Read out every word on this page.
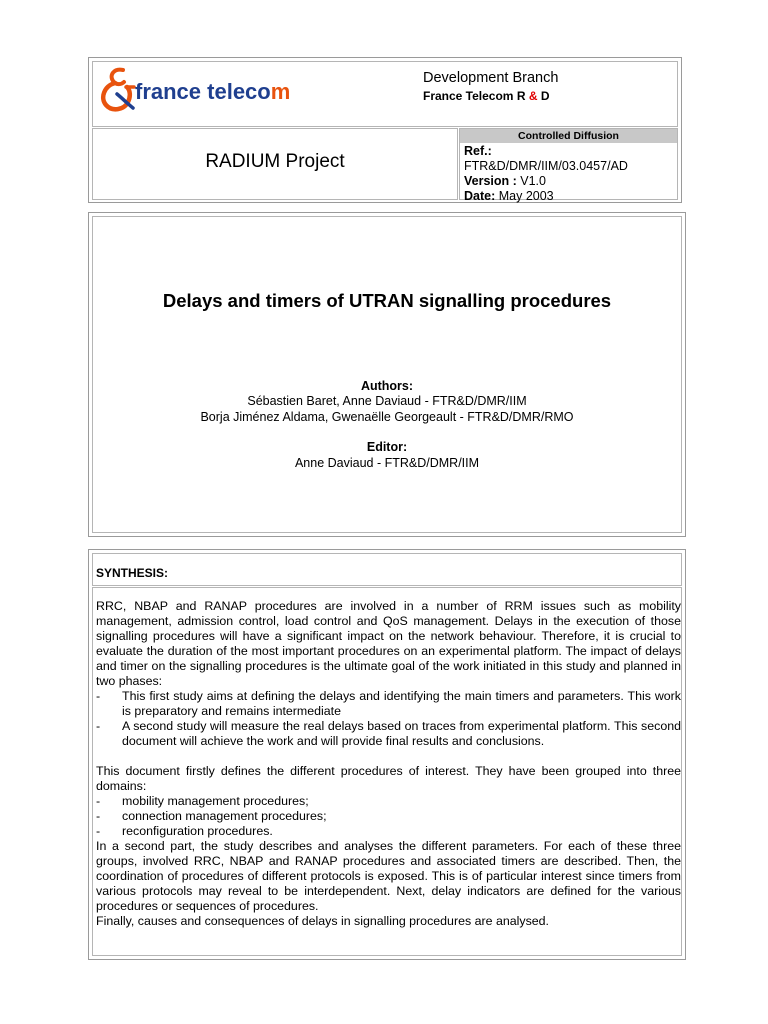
france telecom
Development Branch
France Telecom R & D
RADIUM Project
Controlled Diffusion
Ref.:
FTR&D/DMR/IIM/03.0457/AD
Version : V1.0
Date: May 2003
Delays and timers of UTRAN signalling procedures
Authors:
Sébastien Baret, Anne Daviaud - FTR&D/DMR/IIM
Borja Jiménez Aldama, Gwenaëlle Georgeault - FTR&D/DMR/RMO
Editor:
Anne Daviaud - FTR&D/DMR/IIM
SYNTHESIS:

RRC, NBAP and RANAP procedures are involved in a number of RRM issues such as mobility management, admission control, load control and QoS management. Delays in the execution of those signalling procedures will have a significant impact on the network behaviour. Therefore, it is crucial to evaluate the duration of the most important procedures on an experimental platform. The impact of delays and timer on the signalling procedures is the ultimate goal of the work initiated in this study and planned in two phases:

-	This first study aims at defining the delays and identifying the main timers and parameters. This work is preparatory and remains intermediate
-	A second study will measure the real delays based on traces from experimental platform. This second document will achieve the work and will provide final results and conclusions.

This document firstly defines the different procedures of interest. They have been grouped into three domains:

-	mobility management procedures;
-	connection management procedures;
-	reconfiguration procedures.

In a second part, the study describes and analyses the different parameters. For each of these three groups, involved RRC, NBAP and RANAP procedures and associated timers are described. Then, the coordination of procedures of different protocols is exposed. This is of particular interest since timers from various protocols may reveal to be interdependent. Next, delay indicators are defined for the various procedures or sequences of procedures.

Finally, causes and consequences of delays in signalling procedures are analysed.
